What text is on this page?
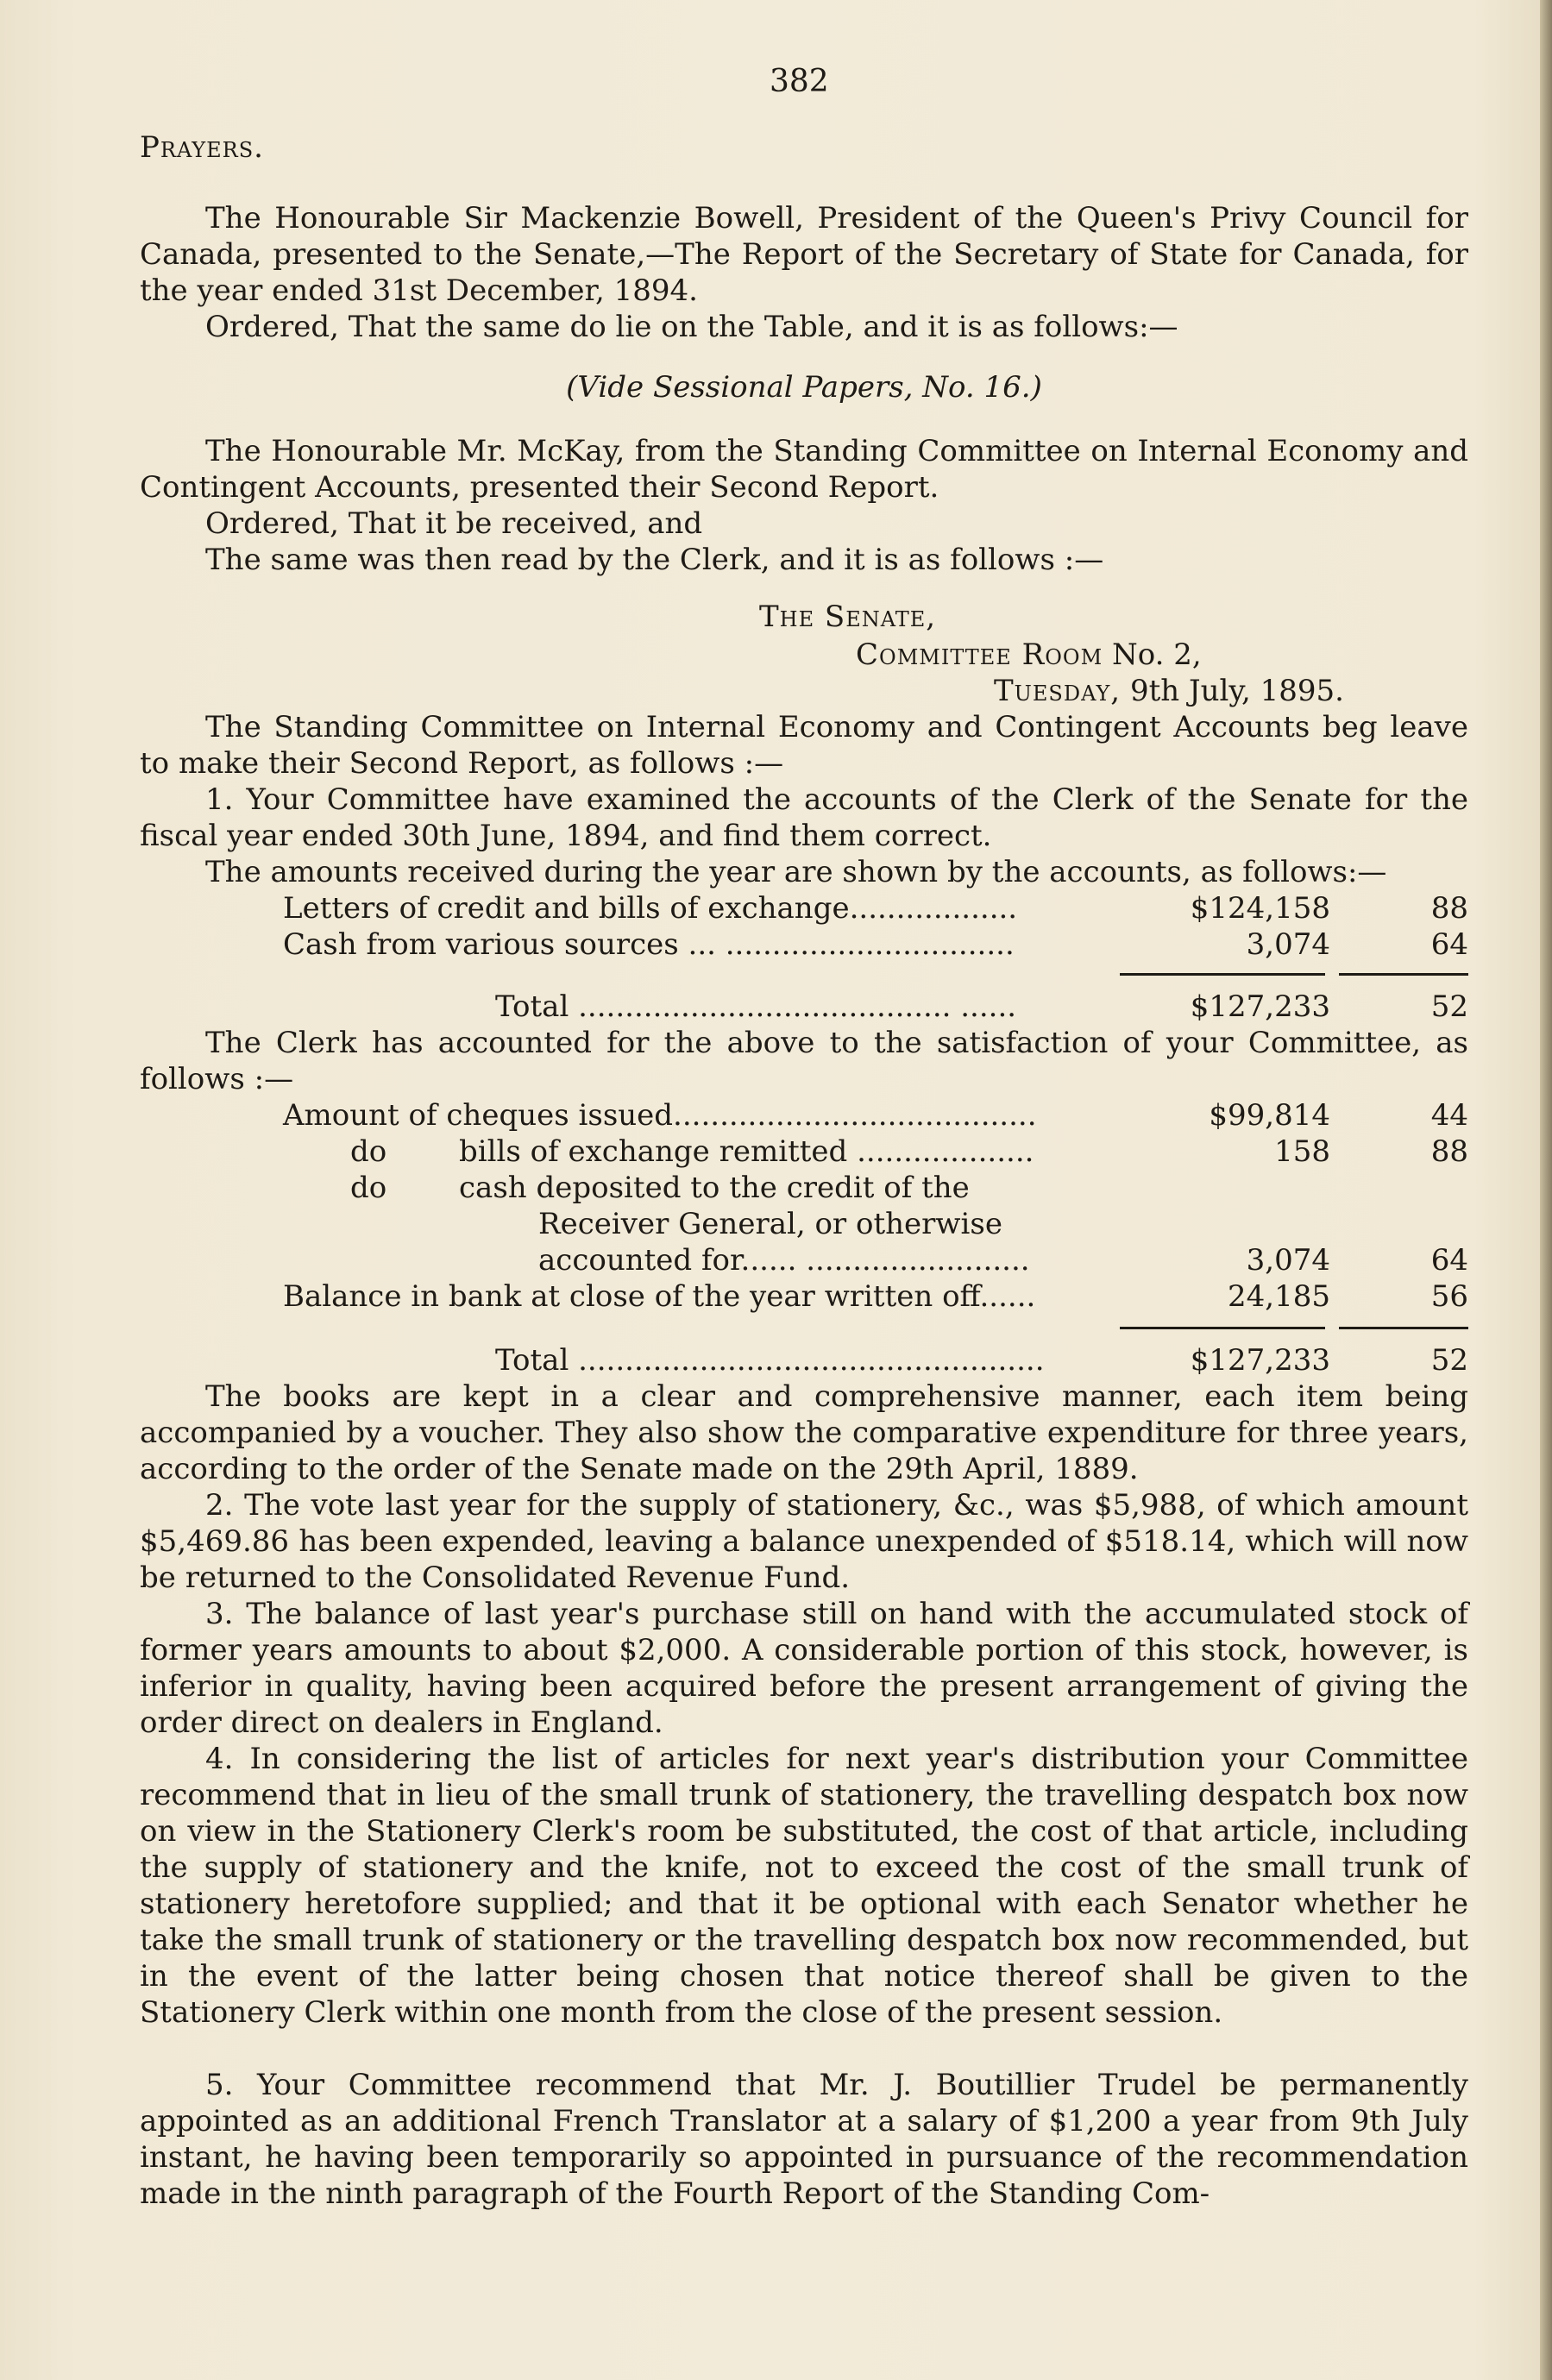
382
Prayers.
The Honourable Sir Mackenzie Bowell, President of the Queen's Privy Council for Canada, presented to the Senate,—The Report of the Secretary of State for Canada, for the year ended 31st December, 1894.
Ordered, That the same do lie on the Table, and it is as follows:—
(Vide Sessional Papers, No. 16.)
The Honourable Mr. McKay, from the Standing Committee on Internal Economy and Contingent Accounts, presented their Second Report.
Ordered, That it be received, and
The same was then read by the Clerk, and it is as follows :—
The Senate,
Committee Room No. 2,
Tuesday, 9th July, 1895.
The Standing Committee on Internal Economy and Contingent Accounts beg leave to make their Second Report, as follows :—
1. Your Committee have examined the accounts of the Clerk of the Senate for the fiscal year ended 30th June, 1894, and find them correct.
The amounts received during the year are shown by the accounts, as follows:—
Letters of credit and bills of exchange..................	$124,158	88
Cash from various sources ... ...............................	3,074	64
Total ........................................ ......	$127,233	52
The Clerk has accounted for the above to the satisfaction of your Committee, as follows :—
Amount of cheques issued.......................................	$99,814	44
do bills of exchange remitted ...................	158	88
do cash deposited to the credit of the
Receiver General, or otherwise
accounted for...... ........................	3,074	64
Balance in bank at close of the year written off......	24,185	56
Total ..................................................	$127,233	52
The books are kept in a clear and comprehensive manner, each item being accompanied by a voucher. They also show the comparative expenditure for three years, according to the order of the Senate made on the 29th April, 1889.
2. The vote last year for the supply of stationery, &c., was $5,988, of which amount $5,469.86 has been expended, leaving a balance unexpended of $518.14, which will now be returned to the Consolidated Revenue Fund.
3. The balance of last year's purchase still on hand with the accumulated stock of former years amounts to about $2,000. A considerable portion of this stock, however, is inferior in quality, having been acquired before the present arrangement of giving the order direct on dealers in England.
4. In considering the list of articles for next year's distribution your Committee recommend that in lieu of the small trunk of stationery, the travelling despatch box now on view in the Stationery Clerk's room be substituted, the cost of that article, including the supply of stationery and the knife, not to exceed the cost of the small trunk of stationery heretofore supplied; and that it be optional with each Senator whether he take the small trunk of stationery or the travelling despatch box now recommended, but in the event of the latter being chosen that notice thereof shall be given to the Stationery Clerk within one month from the close of the present session.
5. Your Committee recommend that Mr. J. Boutillier Trudel be permanently appointed as an additional French Translator at a salary of $1,200 a year from 9th July instant, he having been temporarily so appointed in pursuance of the recommendation made in the ninth paragraph of the Fourth Report of the Standing Com-
